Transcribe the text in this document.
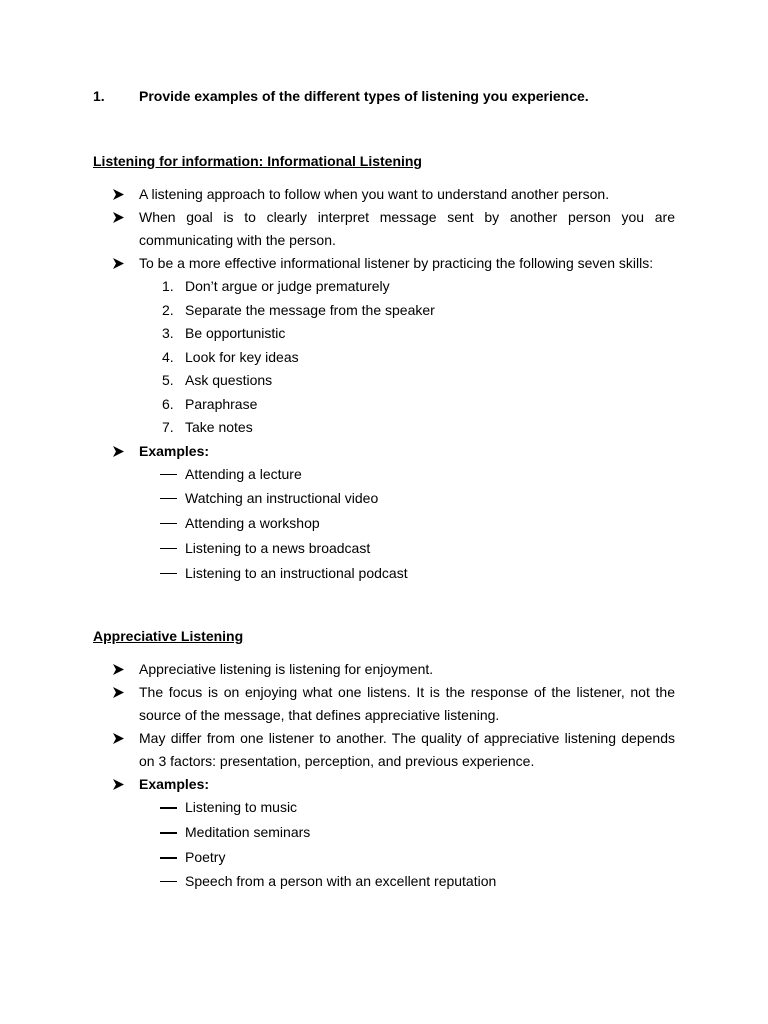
1. Provide examples of the different types of listening you experience.
Listening for information: Informational Listening
A listening approach to follow when you want to understand another person.
When goal is to clearly interpret message sent by another person you are communicating with the person.
To be a more effective informational listener by practicing the following seven skills:
1. Don’t argue or judge prematurely
2. Separate the message from the speaker
3. Be opportunistic
4. Look for key ideas
5. Ask questions
6. Paraphrase
7. Take notes
Examples:
Attending a lecture
Watching an instructional video
Attending a workshop
Listening to a news broadcast
Listening to an instructional podcast
Appreciative Listening
Appreciative listening is listening for enjoyment.
The focus is on enjoying what one listens. It is the response of the listener, not the source of the message, that defines appreciative listening.
May differ from one listener to another. The quality of appreciative listening depends on 3 factors: presentation, perception, and previous experience.
Examples:
Listening to music
Meditation seminars
Poetry
Speech from a person with an excellent reputation
